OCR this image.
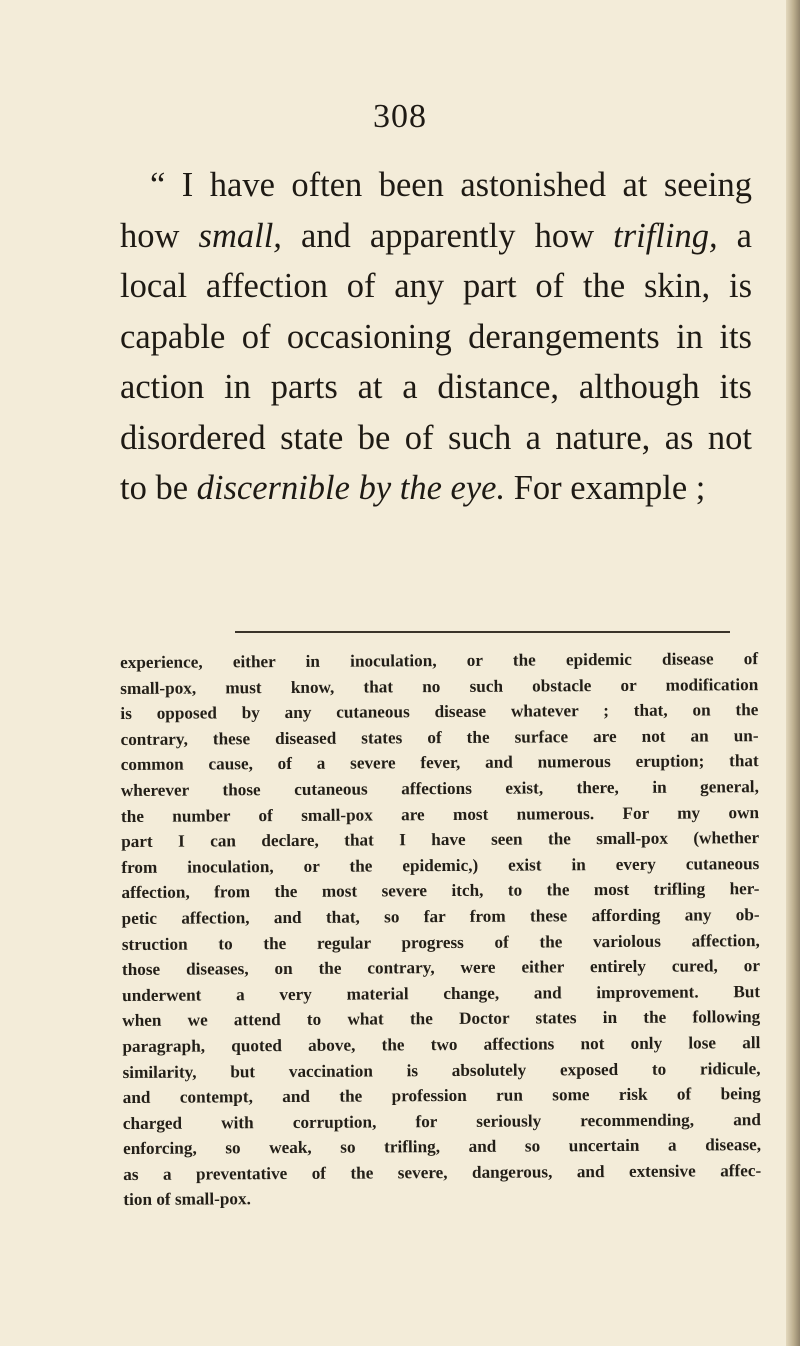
308

“ I have often been astonished at seeing
how small, and apparently how trifling, a
local affection of any part of the skin, is
capable of occasioning derangements in its
action in parts at a distance, although its
disordered state be of such a nature, as not
to be discernible by the eye. For example ;

experience, either in inoculation, or the epidemic disease of
small-pox, must know, that no such obstacle or modification
is opposed by any cutaneous disease whatever ; that, on the
contrary, these diseased states of the surface are not an un-
common cause, of a severe fever, and numerous eruption; that
wherever those cutaneous affections exist, there, in general,
the number of small-pox are most numerous. For my own
part I can declare, that I have seen the small-pox (whether
from inoculation, or the epidemic,) exist in every cutaneous
affection, from the most severe itch, to the most trifling her-
petic affection, and that, so far from these affording any ob-
struction to the regular progress of the variolous affection,
those diseases, on the contrary, were either entirely cured, or
underwent a very material change, and improvement. But
when we attend to what the Doctor states in the following
paragraph, quoted above, the two affections not only lose all
similarity, but vaccination is absolutely exposed to ridicule,
and contempt, and the profession run some risk of being
charged with corruption, for seriously recommending, and
enforcing, so weak, so trifling, and so uncertain a disease,
as a preventative of the severe, dangerous, and extensive affec-
tion of small-pox.
